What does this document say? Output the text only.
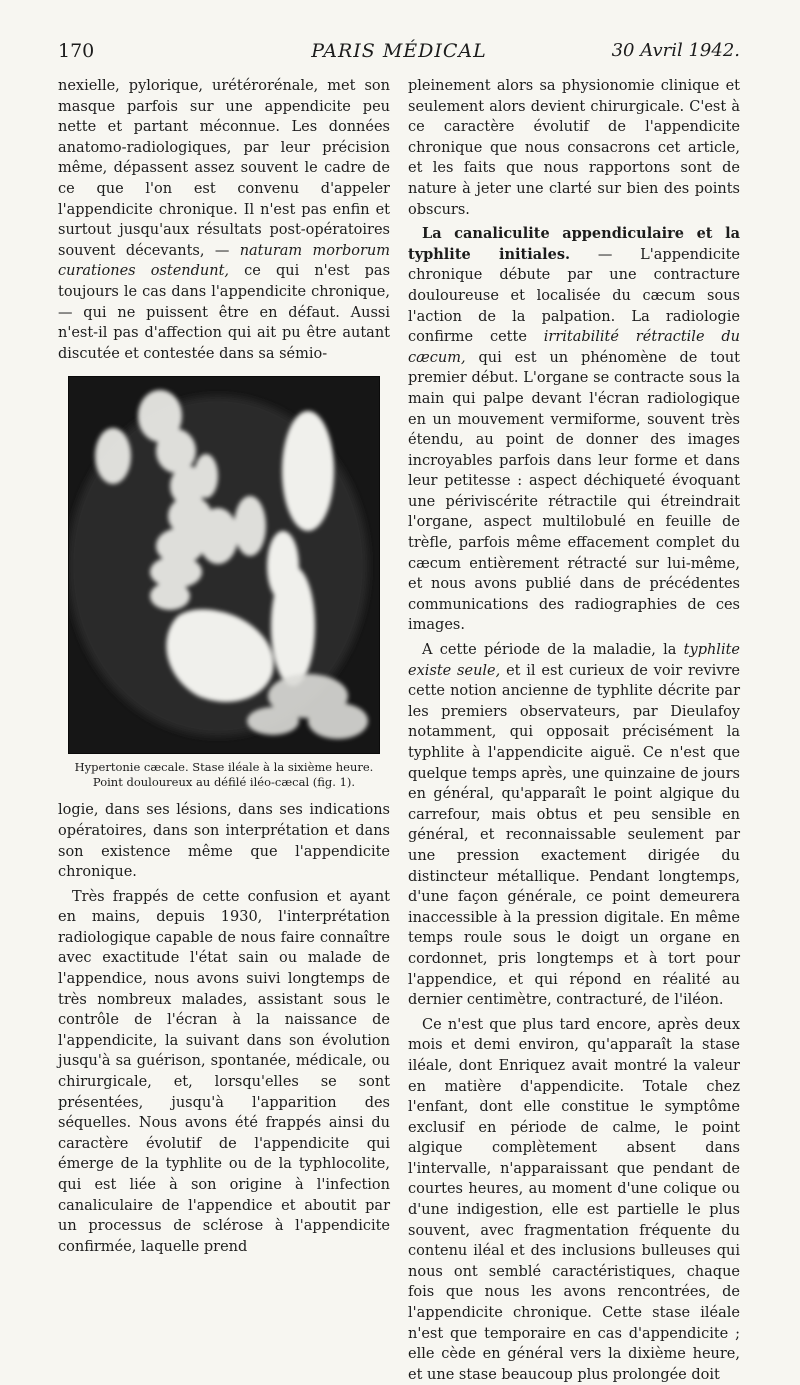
170	PARIS MÉDICAL	30 Avril 1942.

nexielle, pylorique, urétérorénale, met son masque parfois sur une appendicite peu nette et partant méconnue. Les données anatomo-radiologiques, par leur précision même, dépassent assez souvent le cadre de ce que l'on est convenu d'appeler l'appendicite chronique. Il n'est pas enfin et surtout jusqu'aux résultats post-opératoires souvent décevants, — naturam morborum curationes ostendunt, ce qui n'est pas toujours le cas dans l'appendicite chronique, — qui ne puissent être en défaut. Aussi n'est-il pas d'affection qui ait pu être autant discutée et contestée dans sa sémio-

Hypertonie cæcale. Stase iléale à la sixième heure. Point douloureux au défilé iléo-cæcal (fig. 1).

logie, dans ses lésions, dans ses indications opératoires, dans son interprétation et dans son existence même que l'appendicite chronique.

Très frappés de cette confusion et ayant en mains, depuis 1930, l'interprétation radiologique capable de nous faire connaître avec exactitude l'état sain ou malade de l'appendice, nous avons suivi longtemps de très nombreux malades, assistant sous le contrôle de l'écran à la naissance de l'appendicite, la suivant dans son évolution jusqu'à sa guérison, spontanée, médicale, ou chirurgicale, et, lorsqu'elles se sont présentées, jusqu'à l'apparition des séquelles. Nous avons été frappés ainsi du caractère évolutif de l'appendicite qui émerge de la typhlite ou de la typhlocolite, qui est liée à son origine à l'infection canaliculaire de l'appendice et aboutit par un processus de sclérose à l'appendicite confirmée, laquelle prend

pleinement alors sa physionomie clinique et seulement alors devient chirurgicale. C'est à ce caractère évolutif de l'appendicite chronique que nous consacrons cet article, et les faits que nous rapportons sont de nature à jeter une clarté sur bien des points obscurs.

La canaliculite appendiculaire et la typhlite initiales. — L'appendicite chronique débute par une contracture douloureuse et localisée du cæcum sous l'action de la palpation. La radiologie confirme cette irritabilité rétractile du cæcum, qui est un phénomène de tout premier début. L'organe se contracte sous la main qui palpe devant l'écran radiologique en un mouvement vermiforme, souvent très étendu, au point de donner des images incroyables parfois dans leur forme et dans leur petitesse : aspect déchiqueté évoquant une périviscérite rétractile qui étreindrait l'organe, aspect multilobulé en feuille de trèfle, parfois même effacement complet du cæcum entièrement rétracté sur lui-même, et nous avons publié dans de précédentes communications des radiographies de ces images.

A cette période de la maladie, la typhlite existe seule, et il est curieux de voir revivre cette notion ancienne de typhlite décrite par les premiers observateurs, par Dieulafoy notamment, qui opposait précisément la typhlite à l'appendicite aiguë. Ce n'est que quelque temps après, une quinzaine de jours en général, qu'apparaît le point algique du carrefour, mais obtus et peu sensible en général, et reconnaissable seulement par une pression exactement dirigée du distincteur métallique. Pendant longtemps, d'une façon générale, ce point demeurera inaccessible à la pression digitale. En même temps roule sous le doigt un organe en cordonnet, pris longtemps et à tort pour l'appendice, et qui répond en réalité au dernier centimètre, contracturé, de l'iléon.

Ce n'est que plus tard encore, après deux mois et demi environ, qu'apparaît la stase iléale, dont Enriquez avait montré la valeur en matière d'appendicite. Totale chez l'enfant, dont elle constitue le symptôme exclusif en période de calme, le point algique complètement absent dans l'intervalle, n'apparaissant que pendant de courtes heures, au moment d'une colique ou d'une indigestion, elle est partielle le plus souvent, avec fragmentation fréquente du contenu iléal et des inclusions bulleuses qui nous ont semblé caractéristiques, chaque fois que nous les avons rencontrées, de l'appendicite chronique. Cette stase iléale n'est que temporaire en cas d'appendicite ; elle cède en général vers la dixième heure, et une stase beaucoup plus prolongée doit
